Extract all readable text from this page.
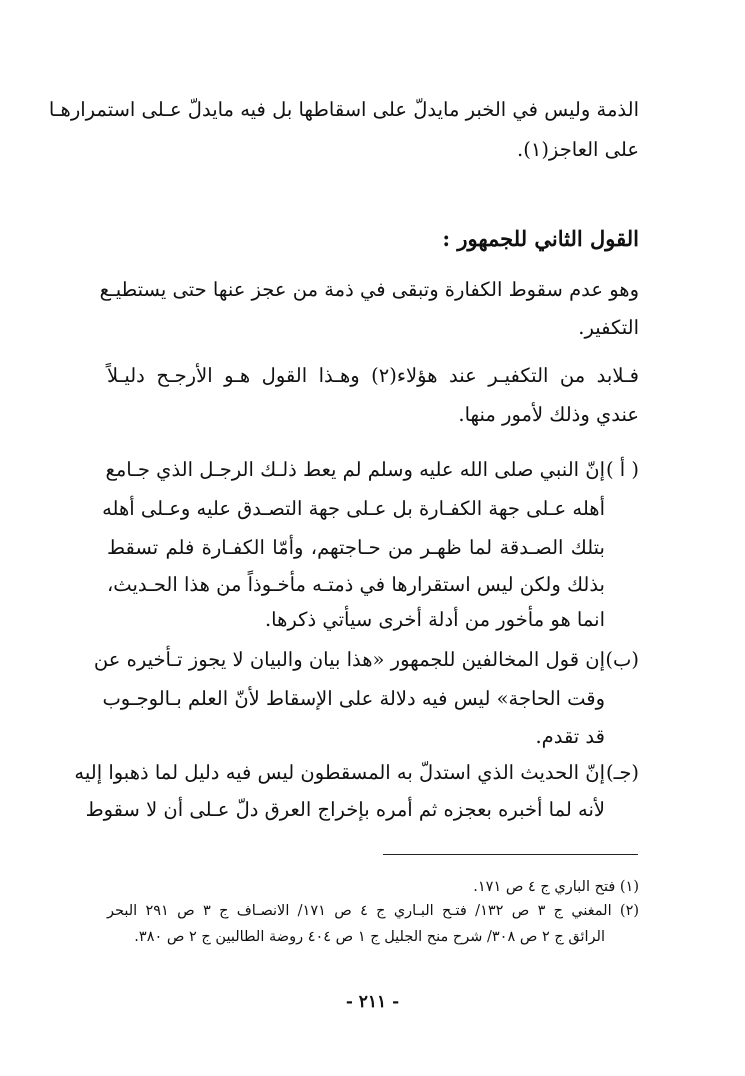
الذمة وليس في الخبر مايدلّ على اسقاطها بل فيه مايدلّ عـلى استمرارهـا
على العاجز(١).
القول الثاني للجمهور :
وهو عدم سقوط الكفارة وتبقى في ذمة من عجز عنها حتى يستطيـع
التكفير.
فـلابد من التكفيـر عند هؤلاء(٢) وهـذا القول هـو الأرجـح دليـلاً
عندي وذلك لأمور منها.
( أ )
إنّ النبي صلى الله عليه وسلم لم يعط ذلـك الرجـل الذي جـامع
أهله عـلى جهة الكفـارة بل عـلى جهة التصـدق عليه وعـلى أهله
بتلك الصـدقة لما ظهـر من حـاجتهم، وأمّا الكفـارة فلم تسقط
بذلك ولكن ليس استقرارها في ذمتـه مأخـوذاً من هذا الحـديث،
انما هو مأخور من أدلة أخرى سيأتي ذكرها.
(ب)
إن قول المخالفين للجمهور «هذا بيان والبيان لا يجوز تـأخيره عن
وقت الحاجة» ليس فيه دلالة على الإسقاط لأنّ العلم بـالوجـوب
قد تقدم.
(جـ)
إنّ الحديث الذي استدلّ به المسقطون ليس فيه دليل لما ذهبوا إليه
لأنه لما أخبره بعجزه ثم أمره بإخراج العرق دلّ عـلى أن لا سقوط
(١) فتح الباري ج ٤ ص ١٧١.
(٢) المغني ج ٣ ص ١٣٢/ فتـح البـاري ج ٤ ص ١٧١/ الانصـاف ج ٣ ص ٢٩١ البحر
الرائق ج ٢ ص ٣٠٨/ شرح منح الجليل ج ١ ص ٤٠٤ روضة الطالبين ج ٢ ص ٣٨٠.
- ٢١١ -
